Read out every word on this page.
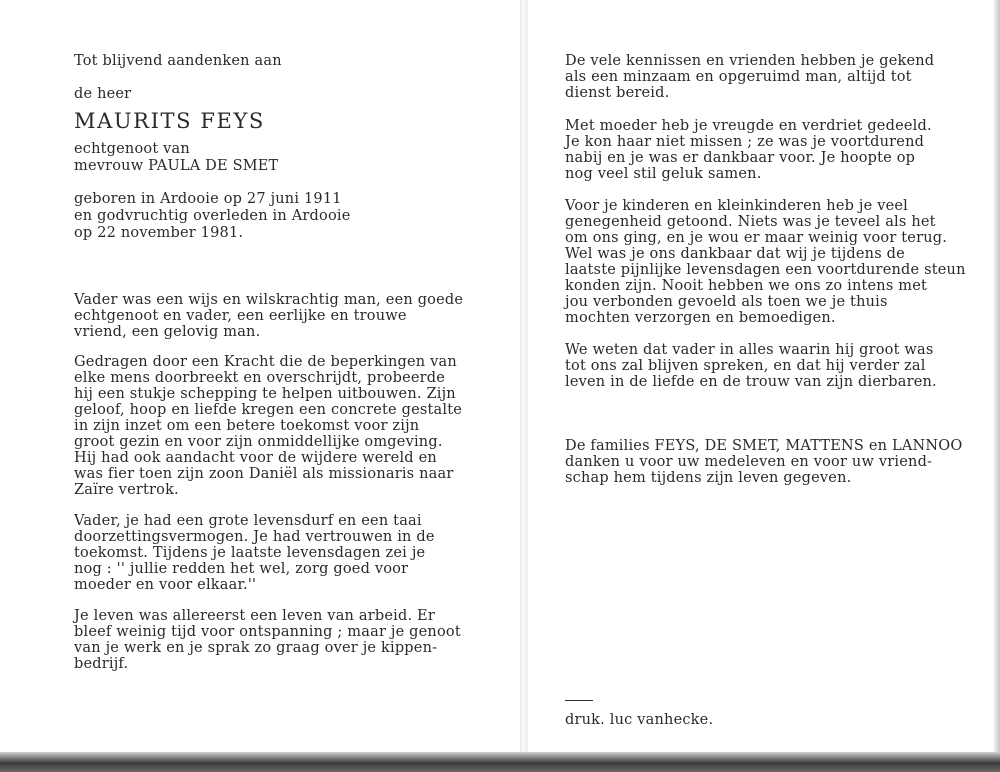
Tot blijvend aandenken aan
de heer
MAURITS FEYS
echtgenoot van
mevrouw PAULA DE SMET
geboren in Ardooie op 27 juni 1911
en godvruchtig overleden in Ardooie
op 22 november 1981.
Vader was een wijs en wilskrachtig man, een goede
echtgenoot en vader, een eerlijke en trouwe
vriend, een gelovig man.
Gedragen door een Kracht die de beperkingen van
elke mens doorbreekt en overschrijdt, probeerde
hij een stukje schepping te helpen uitbouwen. Zijn
geloof, hoop en liefde kregen een concrete gestalte
in zijn inzet om een betere toekomst voor zijn
groot gezin en voor zijn onmiddellijke omgeving.
Hij had ook aandacht voor de wijdere wereld en
was fier toen zijn zoon Daniël als missionaris naar
Zaïre vertrok.
Vader, je had een grote levensdurf en een taai
doorzettingsvermogen. Je had vertrouwen in de
toekomst. Tijdens je laatste levensdagen zei je
nog : '' jullie redden het wel, zorg goed voor
moeder en voor elkaar.''
Je leven was allereerst een leven van arbeid. Er
bleef weinig tijd voor ontspanning ; maar je genoot
van je werk en je sprak zo graag over je kippen-
bedrijf.
De vele kennissen en vrienden hebben je gekend
als een minzaam en opgeruimd man, altijd tot
dienst bereid.
Met moeder heb je vreugde en verdriet gedeeld.
Je kon haar niet missen ; ze was je voortdurend
nabij en je was er dankbaar voor. Je hoopte op
nog veel stil geluk samen.
Voor je kinderen en kleinkinderen heb je veel
genegenheid getoond. Niets was je teveel als het
om ons ging, en je wou er maar weinig voor terug.
Wel was je ons dankbaar dat wij je tijdens de
laatste pijnlijke levensdagen een voortdurende steun
konden zijn. Nooit hebben we ons zo intens met
jou verbonden gevoeld als toen we je thuis
mochten verzorgen en bemoedigen.
We weten dat vader in alles waarin hij groot was
tot ons zal blijven spreken, en dat hij verder zal
leven in de liefde en de trouw van zijn dierbaren.
De families FEYS, DE SMET, MATTENS en LANNOO
danken u voor uw medeleven en voor uw vriend-
schap hem tijdens zijn leven gegeven.
druk. luc vanhecke.
